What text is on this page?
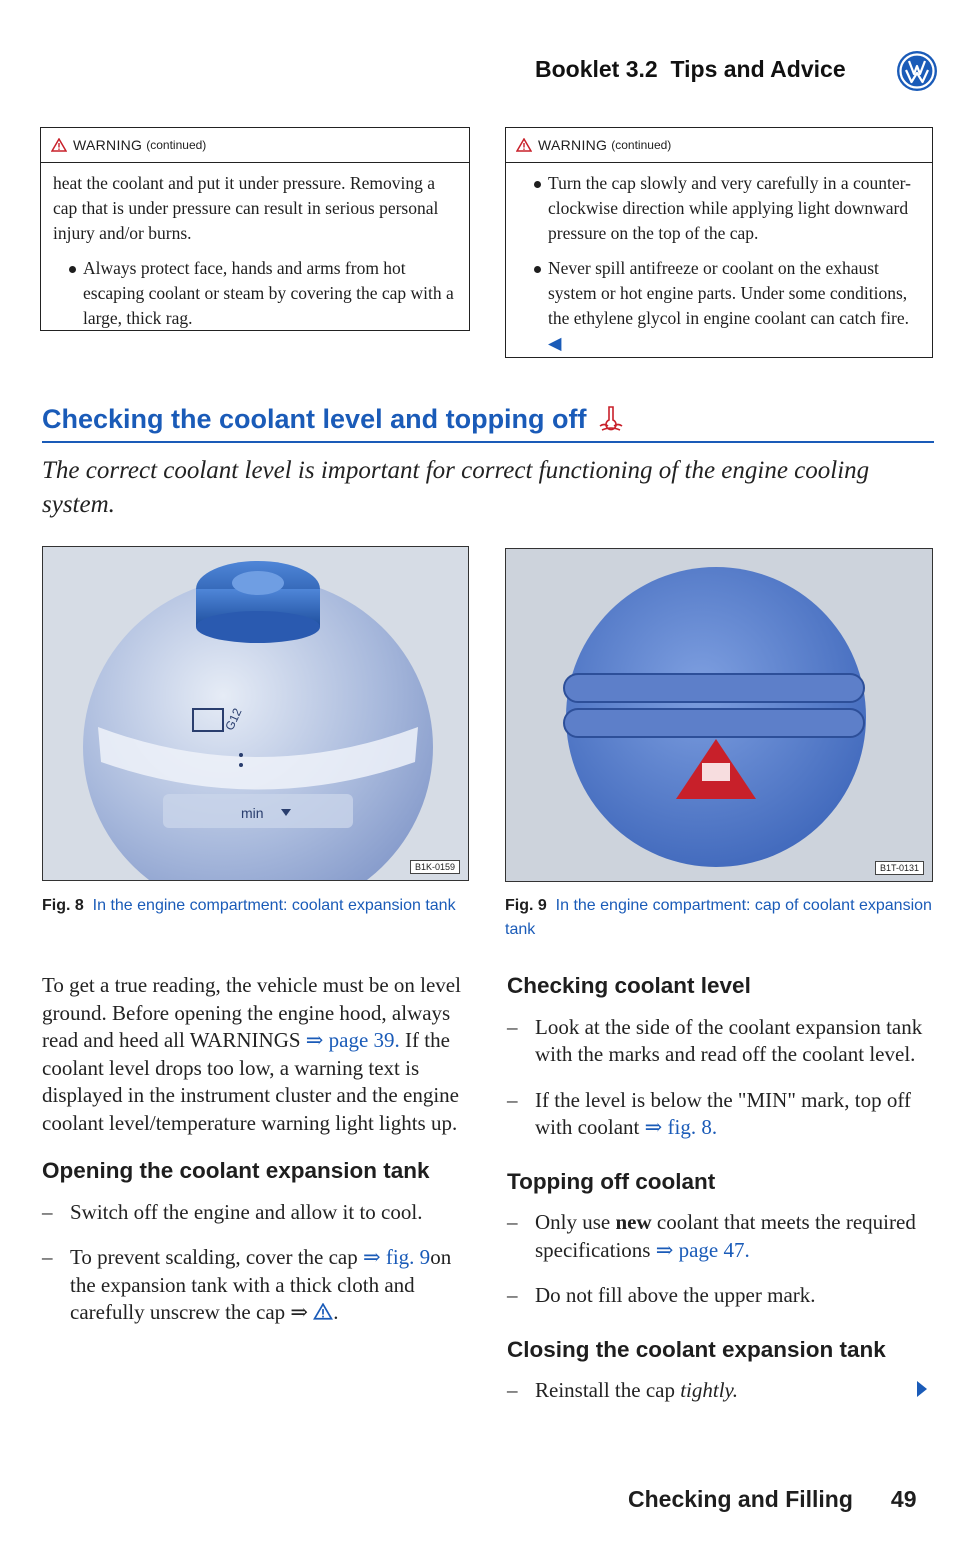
Booklet 3.2 Tips and Advice
WARNING (continued)

heat the coolant and put it under pressure. Removing a cap that is under pressure can result in serious personal injury and/or burns.

Always protect face, hands and arms from hot escaping coolant or steam by covering the cap with a large, thick rag.

WARNING (continued)

Turn the cap slowly and very carefully in a counter-clockwise direction while applying light downward pressure on the top of the cap.

Never spill antifreeze or coolant on the exhaust system or hot engine parts. Under some conditions, the ethylene glycol in engine coolant can catch fire. ◀

Checking the coolant level and topping off
The correct coolant level is important for correct functioning of the engine cooling system.
min
G12
B1K-0159
Fig. 8 In the engine compartment: coolant expansion tank
B1T-0131
Fig. 9 In the engine compartment: cap of coolant expansion tank

To get a true reading, the vehicle must be on level ground. Before opening the engine hood, always read and heed all WARNINGS ⇒ page 39. If the coolant level drops too low, a warning text is displayed in the instrument cluster and the engine coolant level/temperature warning light lights up.

Opening the coolant expansion tank

– Switch off the engine and allow it to cool.

– To prevent scalding, cover the cap ⇒ fig. 9on the expansion tank with a thick cloth and carefully unscrew the cap ⇒ .

Checking coolant level

– Look at the side of the coolant expansion tank with the marks and read off the coolant level.

– If the level is below the "MIN" mark, top off with coolant ⇒ fig. 8.

Topping off coolant

– Only use new coolant that meets the required specifications ⇒ page 47.

– Do not fill above the upper mark.

Closing the coolant expansion tank

– Reinstall the cap tightly.

Checking and Filling 49
